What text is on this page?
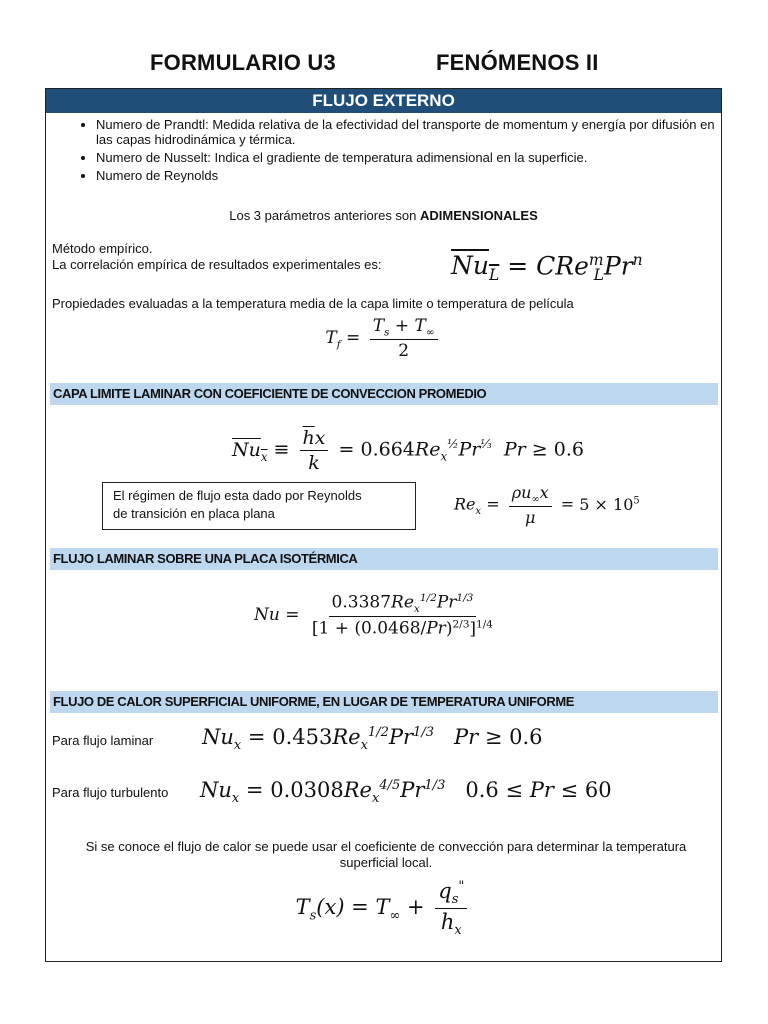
FORMULARIO U3	FENÓMENOS II
FLUJO EXTERNO
• Numero de Prandtl: Medida relativa de la efectividad del transporte de momentum y energía por difusión en las capas hidrodinámica y térmica.
• Numero de Nusselt: Indica el gradiente de temperatura adimensional en la superficie.
• Numero de Reynolds
Los 3 parámetros anteriores son ADIMENSIONALES
Método empírico.
La correlación empírica de resultados experimentales es:	$Nu_L = CRe^m_LPr^n$
Propiedades evaluadas a la temperatura media de la capa limite o temperatura de película
$T_f = \frac{T_s + T_\infty}{2}$
CAPA LIMITE LAMINAR CON COEFICIENTE DE CONVECCION PROMEDIO
$Nu_x \equiv \frac{\overline{h}x}{k} = 0.664Re_x^{\frac{1}{2}}Pr^{\frac{1}{3}}$  Pr ≥ 0.6
El régimen de flujo esta dado por Reynolds
de transición en placa plana	$Re_x = \frac{\rho u_\infty x}{\mu} = 5 \times 10^5$
FLUJO LAMINAR SOBRE UNA PLACA ISOTÉRMICA
$Nu = \frac{0.3387Re_x^{1/2}Pr^{1/3}}{[1 + (0.0468/Pr)^{2/3}]^{1/4}}$
FLUJO DE CALOR SUPERFICIAL UNIFORME, EN LUGAR DE TEMPERATURA UNIFORME
Para flujo laminar $Nu_x = 0.453Re_x^{1/2}Pr^{1/3}$   Pr ≥ 0.6
Para flujo turbulento $Nu_x = 0.0308Re_x^{4/5}Pr^{1/3}$ 0.6 ≤ Pr ≤ 60
Si se conoce el flujo de calor se puede usar el coeficiente de convección para determinar la temperatura superficial local.
$T_s(x) = T_\infty + \frac{q_s^"}{h_x}$
